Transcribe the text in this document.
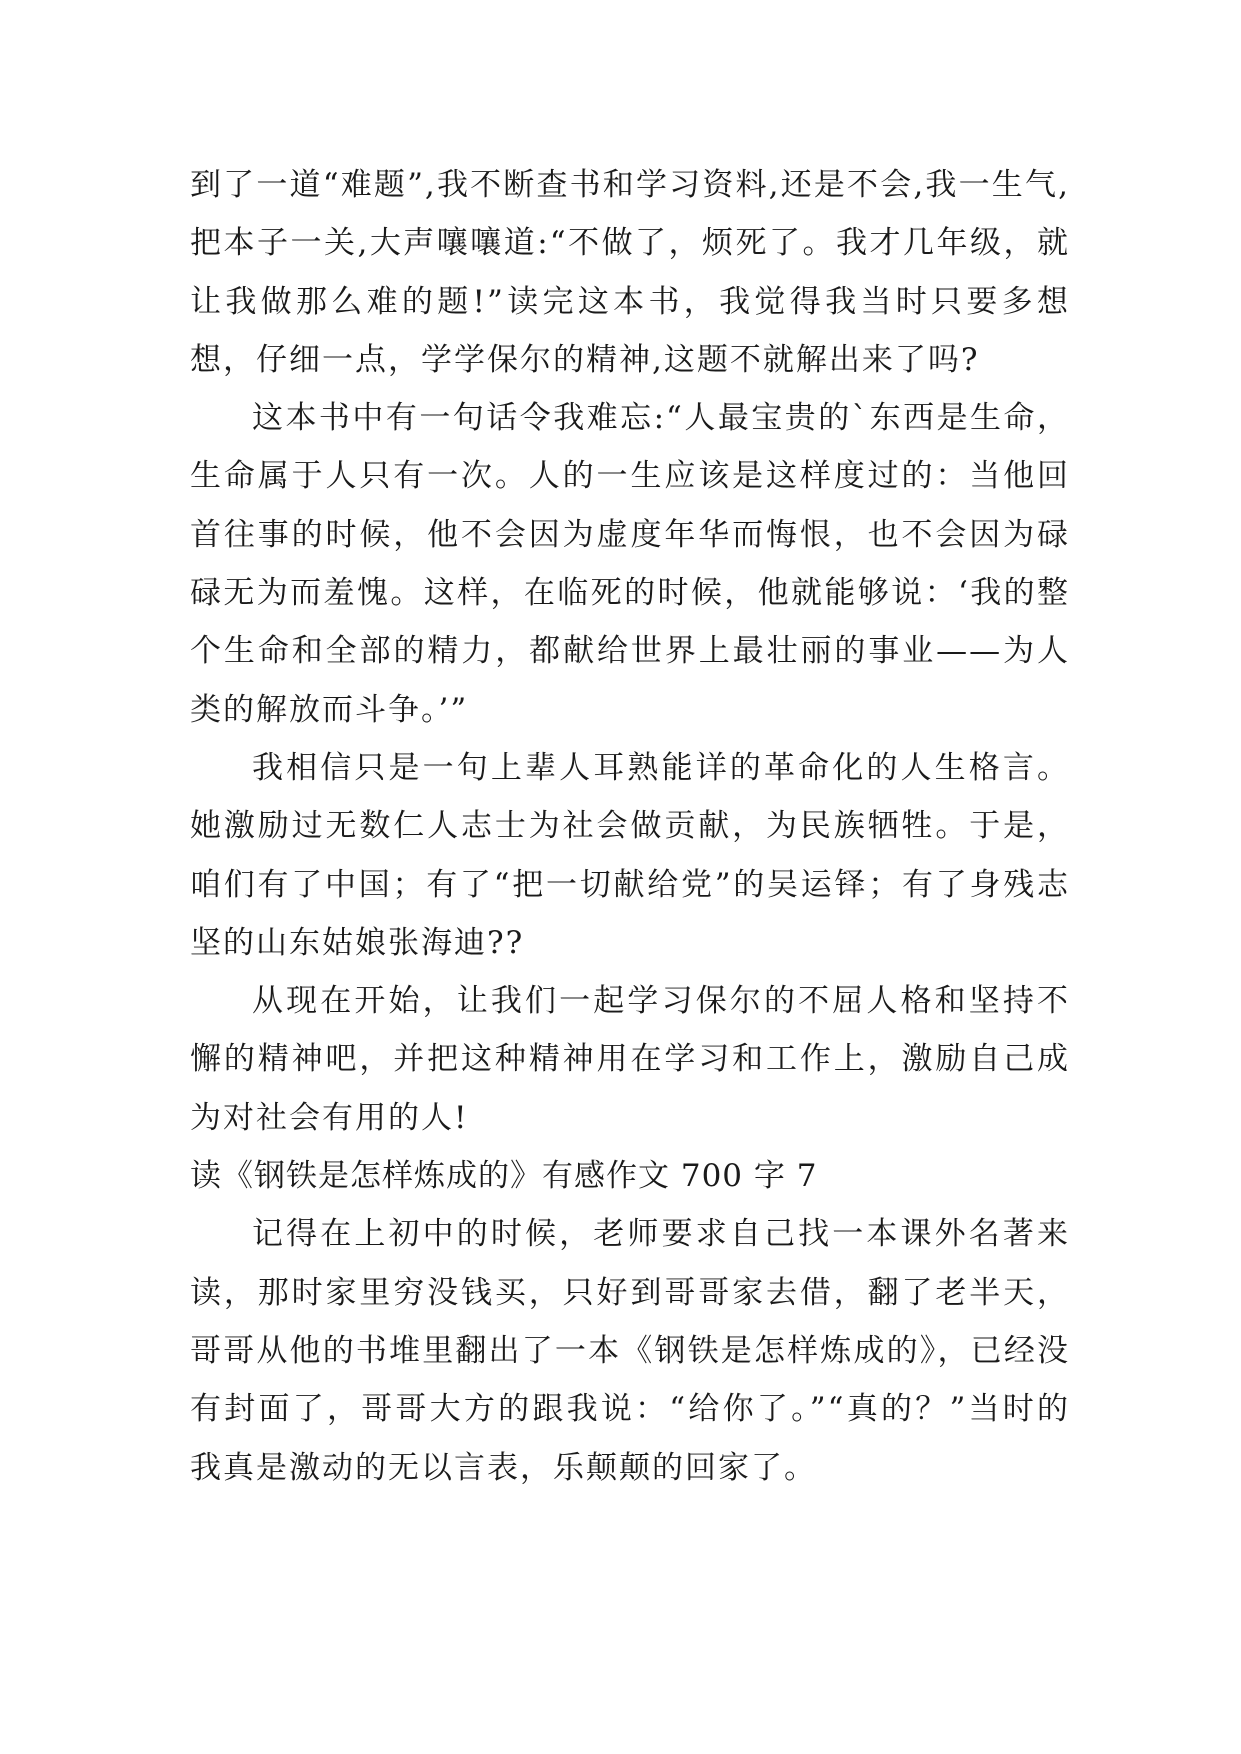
到了一道“难题”,我不断查书和学习资料,还是不会,我一生气,把本子一关,大声嚷嚷道:“不做了，烦死了。我才几年级，就让我做那么难的题!”读完这本书，我觉得我当时只要多想想，仔细一点，学学保尔的精神,这题不就解出来了吗?

这本书中有一句话令我难忘:“人最宝贵的`东西是生命，生命属于人只有一次。人的一生应该是这样度过的：当他回首往事的时候，他不会因为虚度年华而悔恨，也不会因为碌碌无为而羞愧。这样，在临死的时候，他就能够说：‘我的整个生命和全部的精力，都献给世界上最壮丽的事业——为人类的解放而斗争。’”

我相信只是一句上辈人耳熟能详的革命化的人生格言。她激励过无数仁人志士为社会做贡献，为民族牺牲。于是，咱们有了中国；有了“把一切献给党”的吴运铎；有了身残志坚的山东姑娘张海迪??

从现在开始，让我们一起学习保尔的不屈人格和坚持不懈的精神吧，并把这种精神用在学习和工作上，激励自己成为对社会有用的人!

读《钢铁是怎样炼成的》有感作文 700 字 7

记得在上初中的时候，老师要求自己找一本课外名著来读，那时家里穷没钱买，只好到哥哥家去借，翻了老半天，哥哥从他的书堆里翻出了一本《钢铁是怎样炼成的》，已经没有封面了，哥哥大方的跟我说：“给你了。”“真的？”当时的我真是激动的无以言表，乐颠颠的回家了。
